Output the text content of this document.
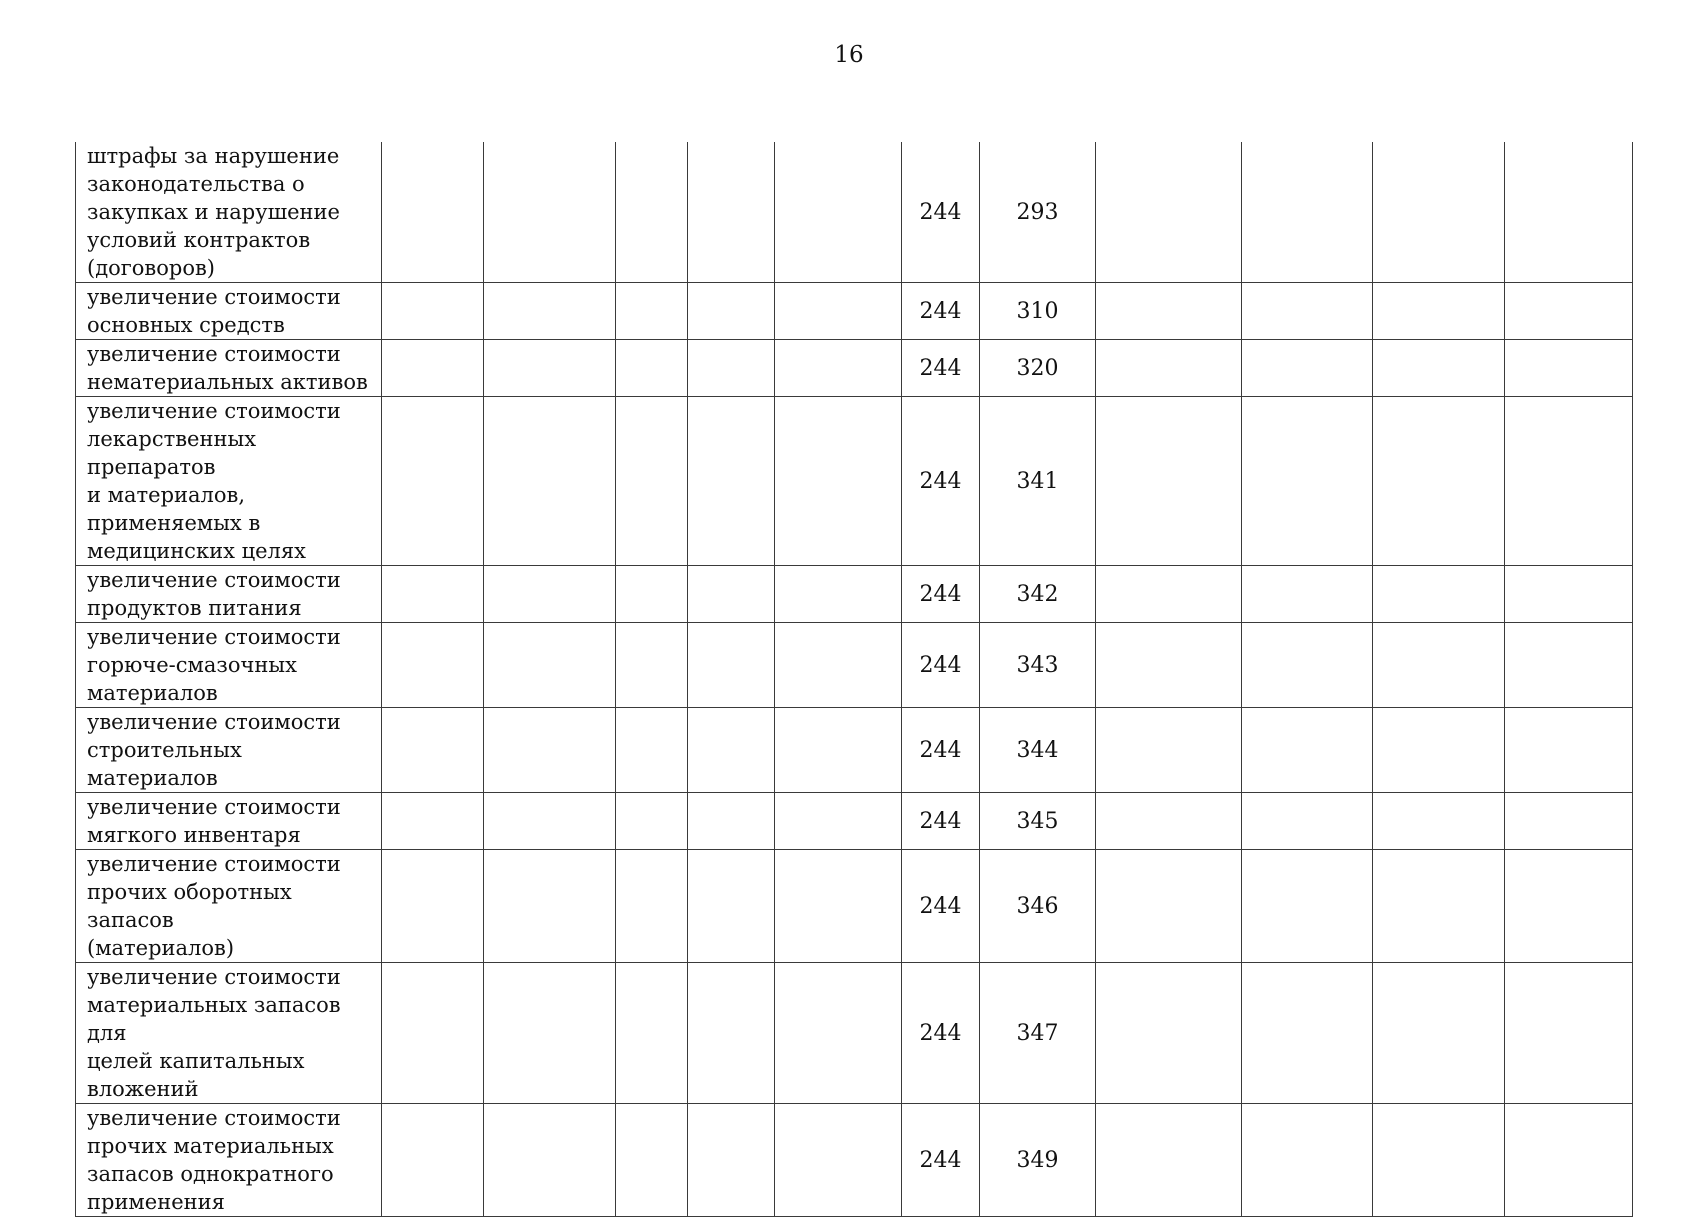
16
штрафы за нарушение
законодательства о
закупках и нарушение
условий контрактов
(договоров)						244	293				
увеличение стоимости
основных средств						244	310				
увеличение стоимости
нематериальных активов						244	320				
увеличение стоимости
лекарственных препаратов
и материалов,
применяемых в
медицинских целях						244	341				
увеличение стоимости
продуктов питания						244	342				
увеличение стоимости
горюче-смазочных
материалов						244	343				
увеличение стоимости
строительных материалов						244	344				
увеличение стоимости
мягкого инвентаря						244	345				
увеличение стоимости
прочих оборотных запасов
(материалов)						244	346				
увеличение стоимости
материальных запасов для
целей капитальных
вложений						244	347				
увеличение стоимости
прочих материальных
запасов однократного
применения						244	349				
